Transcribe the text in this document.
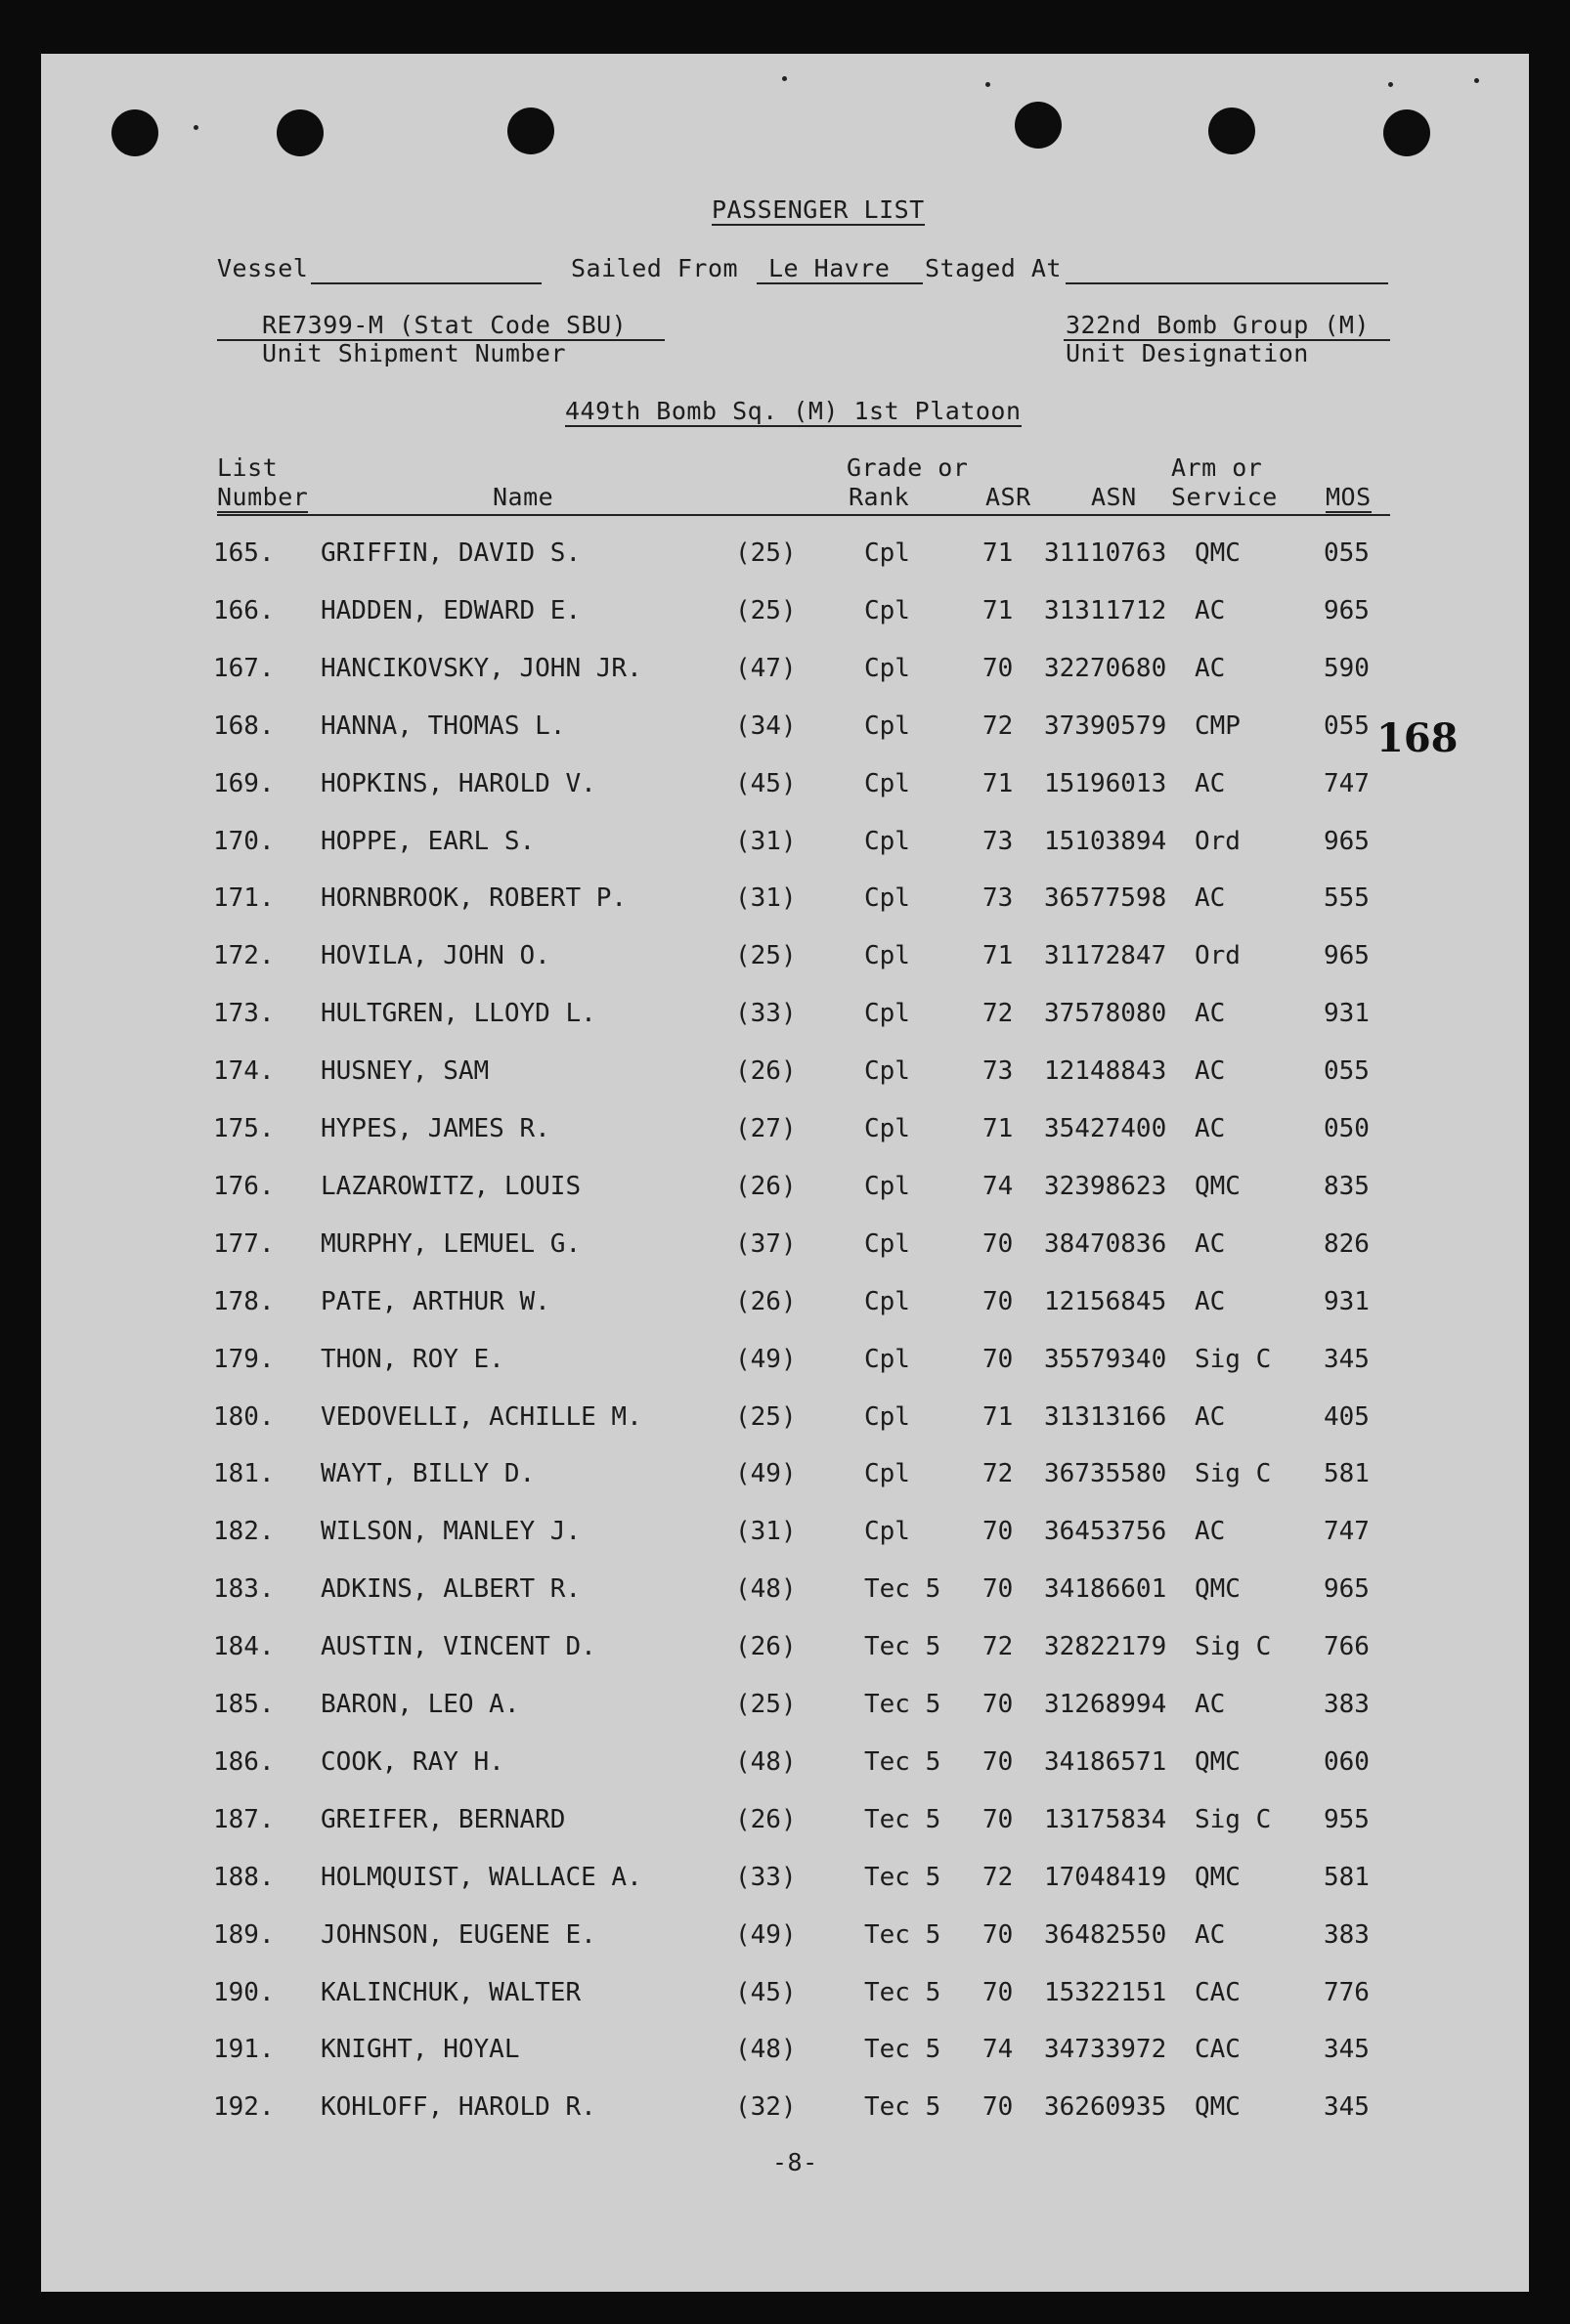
PASSENGER LIST
Vessel	Sailed From Le Havre Staged At
RE7399-M (Stat Code SBU)
Unit Shipment Number
322nd Bomb Group (M)
Unit Designation
449th Bomb Sq. (M) 1st Platoon
List
Number	Name
Grade or
Rank	ASR ASN
Arm or
Service MOS
165. GRIFFIN, DAVID S.	(25)	Cpl	71 31110763 QMC	055
166. HADDEN, EDWARD E.	(25)	Cpl	71 31311712 AC	965
167. HANCIKOVSKY, JOHN JR.	(47)	Cpl	70 32270680 AC	590
168. HANNA, THOMAS L.	(34)	Cpl	72 37390579 CMP	055
169. HOPKINS, HAROLD V.	(45)	Cpl	71 15196013 AC	747
170. HOPPE, EARL S.	(31)	Cpl	73 15103894 Ord	965
171. HORNBROOK, ROBERT P.	(31)	Cpl	73 36577598 AC	555
172. HOVILA, JOHN O.	(25)	Cpl	71 31172847 Ord	965
173. HULTGREN, LLOYD L.	(33)	Cpl	72 37578080 AC	931
174. HUSNEY, SAM	(26)	Cpl	73 12148843 AC	055
175. HYPES, JAMES R.	(27)	Cpl	71 35427400 AC	050
176. LAZAROWITZ, LOUIS	(26)	Cpl	74 32398623 QMC	835
177. MURPHY, LEMUEL G.	(37)	Cpl	70 38470836 AC	826
178. PATE, ARTHUR W.	(26)	Cpl	70 12156845 AC	931
179. THON, ROY E.	(49)	Cpl	70 35579340 Sig C 345
180. VEDOVELLI, ACHILLE M.	(25)	Cpl	71 31313166 AC	405
181. WAYT, BILLY D.	(49)	Cpl	72 36735580 Sig C 581
182. WILSON, MANLEY J.	(31)	Cpl	70 36453756 AC	747
183. ADKINS, ALBERT R.	(48)	Tec 5 70 34186601 QMC	965
184. AUSTIN, VINCENT D.	(26)	Tec 5 72 32822179 Sig C 766
185. BARON, LEO A.	(25)	Tec 5 70 31268994 AC	383
186. COOK, RAY H.	(48)	Tec 5 70 34186571 QMC	060
187. GREIFER, BERNARD	(26)	Tec 5 70 13175834 Sig C 955
188. HOLMQUIST, WALLACE A.	(33)	Tec 5 72 17048419 QMC	581
189. JOHNSON, EUGENE E.	(49)	Tec 5 70 36482550 AC	383
190. KALINCHUK, WALTER	(45)	Tec 5 70 15322151 CAC	776
191. KNIGHT, HOYAL	(48)	Tec 5 74 34733972 CAC	345
192. KOHLOFF, HAROLD R.	(32)	Tec 5 70 36260935 QMC	345
168
-8-
